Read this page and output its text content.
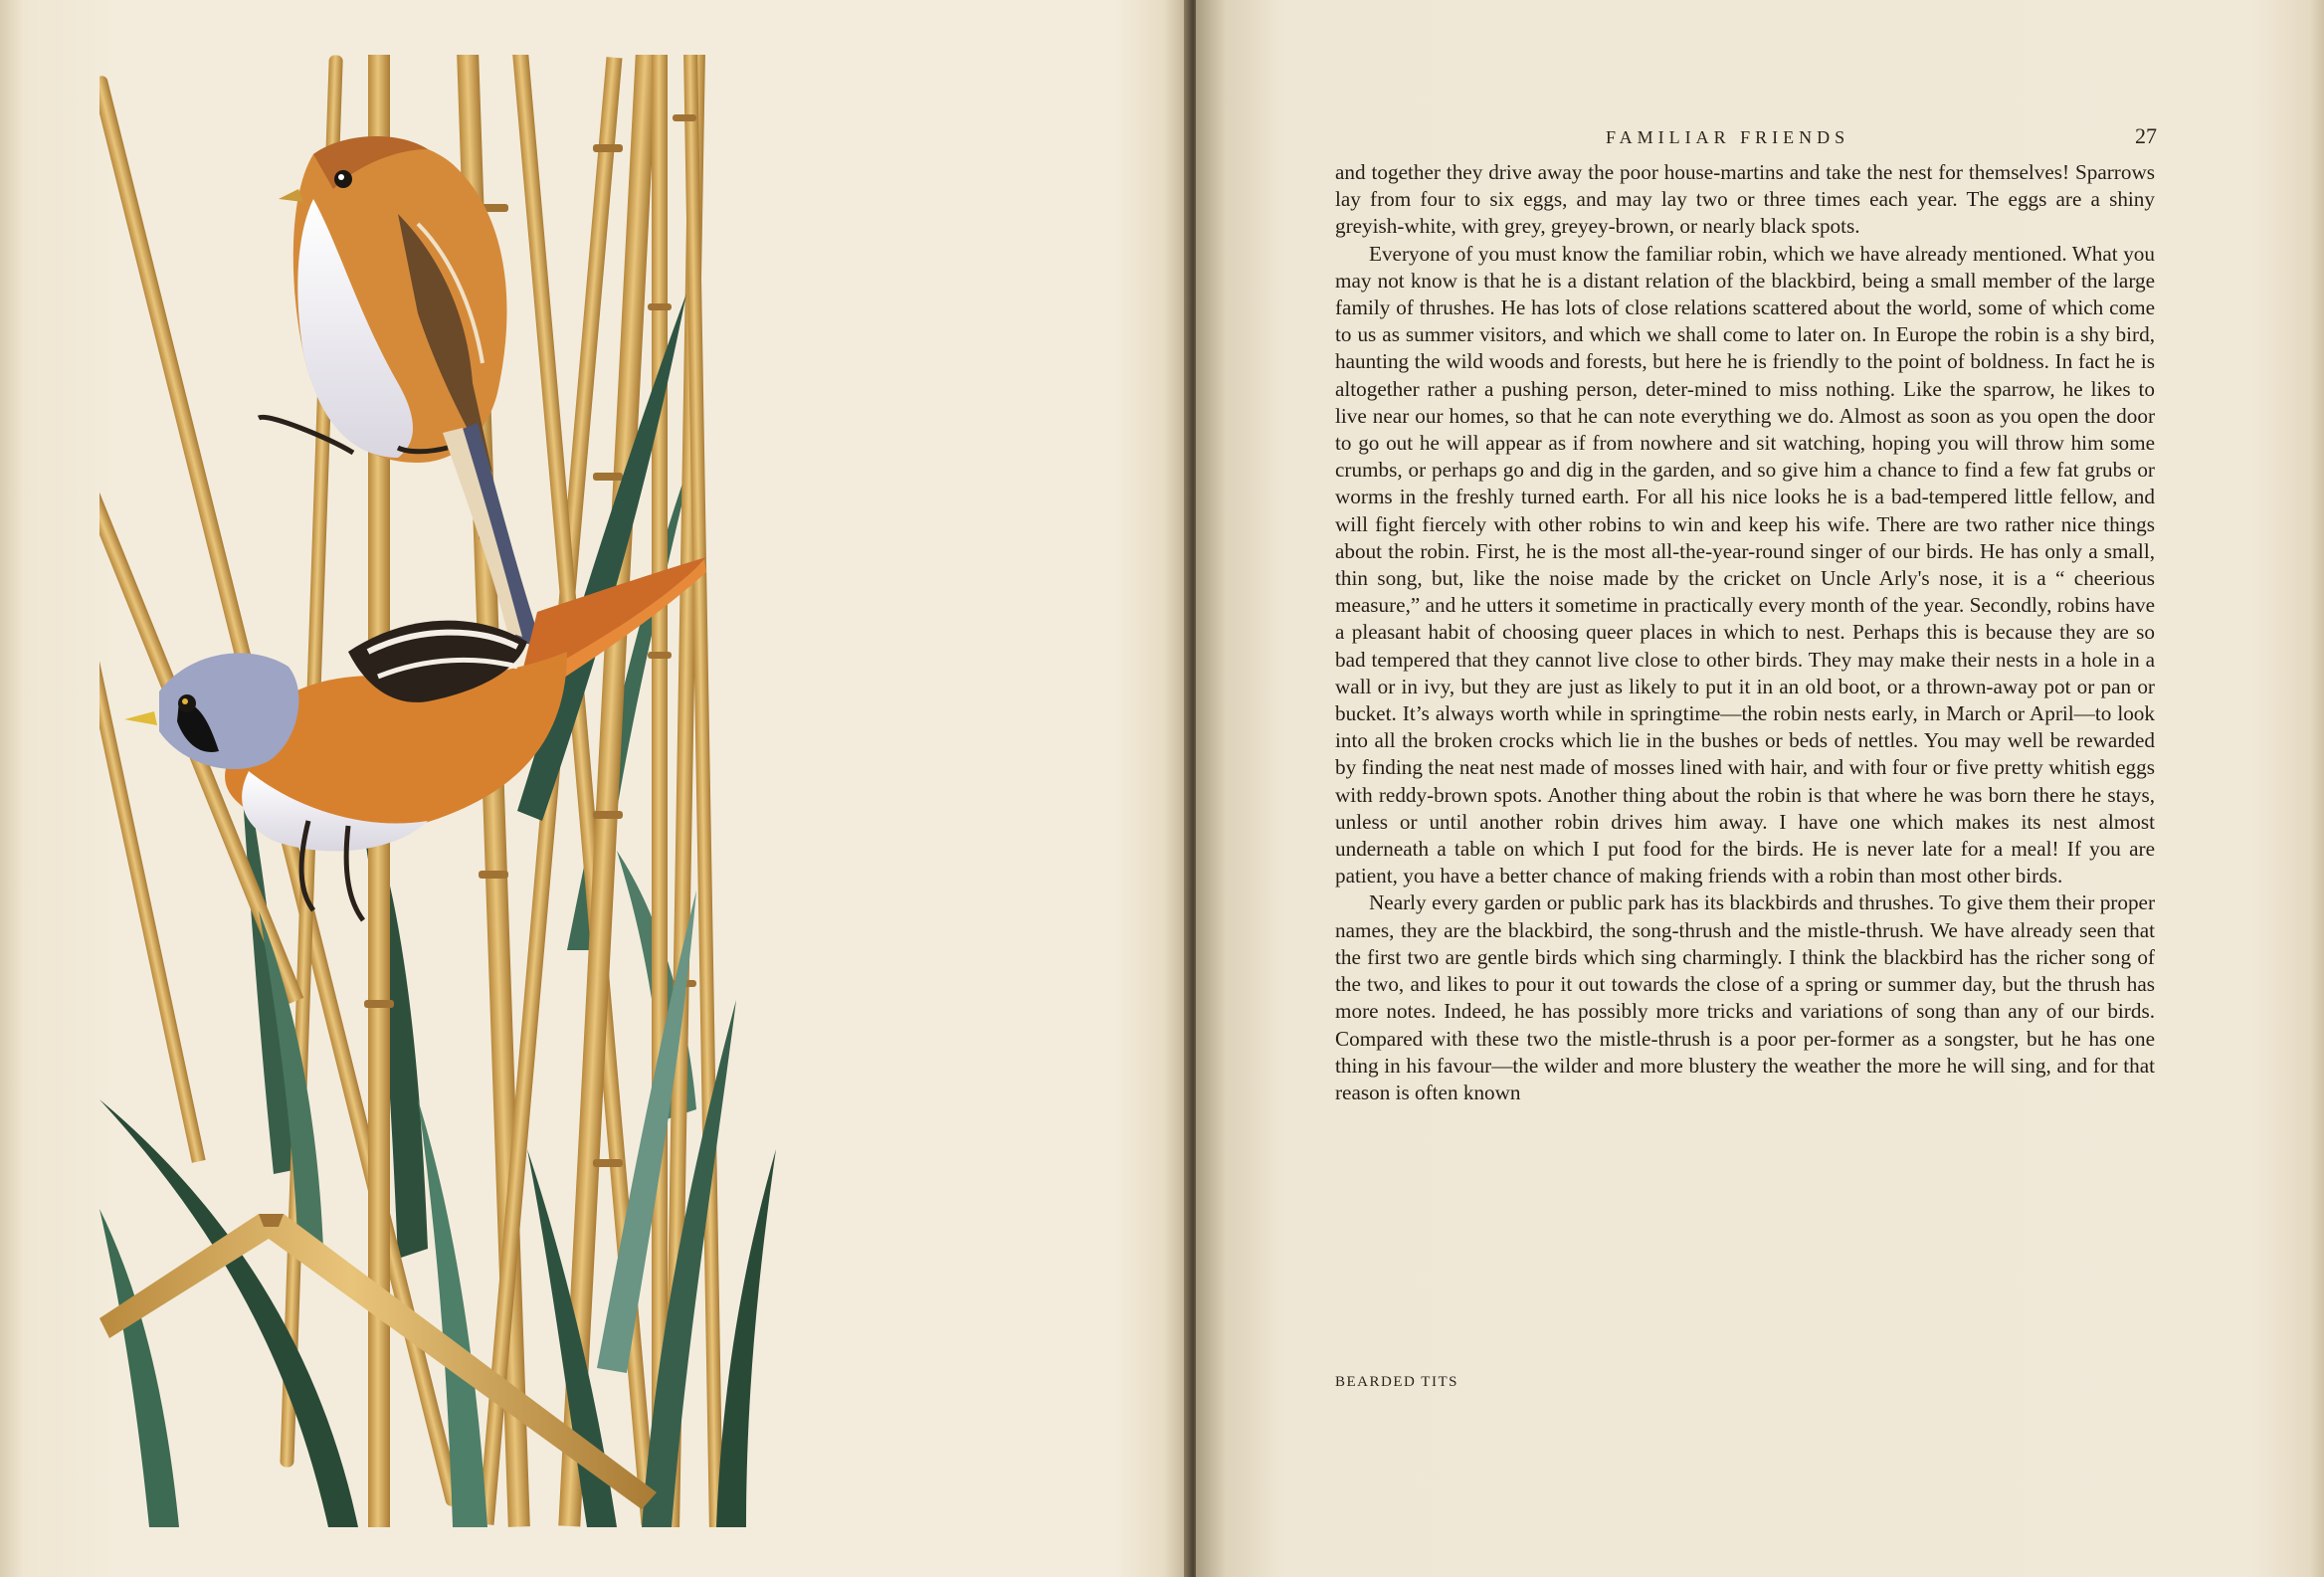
FAMILIAR FRIENDS	27

and together they drive away the poor house-martins and take the nest for themselves! Sparrows lay from four to six eggs, and may lay two or three times each year. The eggs are a shiny greyish-white, with grey, greyey-brown, or nearly black spots.

Everyone of you must know the familiar robin, which we have already mentioned. What you may not know is that he is a distant relation of the blackbird, being a small member of the large family of thrushes. He has lots of close relations scattered about the world, some of which come to us as summer visitors, and which we shall come to later on. In Europe the robin is a shy bird, haunting the wild woods and forests, but here he is friendly to the point of boldness. In fact he is altogether rather a pushing person, deter-mined to miss nothing. Like the sparrow, he likes to live near our homes, so that he can note everything we do. Almost as soon as you open the door to go out he will appear as if from nowhere and sit watching, hoping you will throw him some crumbs, or perhaps go and dig in the garden, and so give him a chance to find a few fat grubs or worms in the freshly turned earth. For all his nice looks he is a bad-tempered little fellow, and will fight fiercely with other robins to win and keep his wife. There are two rather nice things about the robin. First, he is the most all-the-year-round singer of our birds. He has only a small, thin song, but, like the noise made by the cricket on Uncle Arly's nose, it is a “ cheerious measure,” and he utters it sometime in practically every month of the year. Secondly, robins have a pleasant habit of choosing queer places in which to nest. Perhaps this is because they are so bad tempered that they cannot live close to other birds. They may make their nests in a hole in a wall or in ivy, but they are just as likely to put it in an old boot, or a thrown-away pot or pan or bucket. It’s always worth while in springtime—the robin nests early, in March or April—to look into all the broken crocks which lie in the bushes or beds of nettles. You may well be rewarded by finding the neat nest made of mosses lined with hair, and with four or five pretty whitish eggs with reddy-brown spots. Another thing about the robin is that where he was born there he stays, unless or until another robin drives him away. I have one which makes its nest almost underneath a table on which I put food for the birds. He is never late for a meal! If you are patient, you have a better chance of making friends with a robin than most other birds.

Nearly every garden or public park has its blackbirds and thrushes. To give them their proper names, they are the blackbird, the song-thrush and the mistle-thrush. We have already seen that the first two are gentle birds which sing charmingly. I think the blackbird has the richer song of the two, and likes to pour it out towards the close of a spring or summer day, but the thrush has more notes. Indeed, he has possibly more tricks and variations of song than any of our birds. Compared with these two the mistle-thrush is a poor per-former as a songster, but he has one thing in his favour—the wilder and more blustery the weather the more he will sing, and for that reason is often known

BEARDED TITS
